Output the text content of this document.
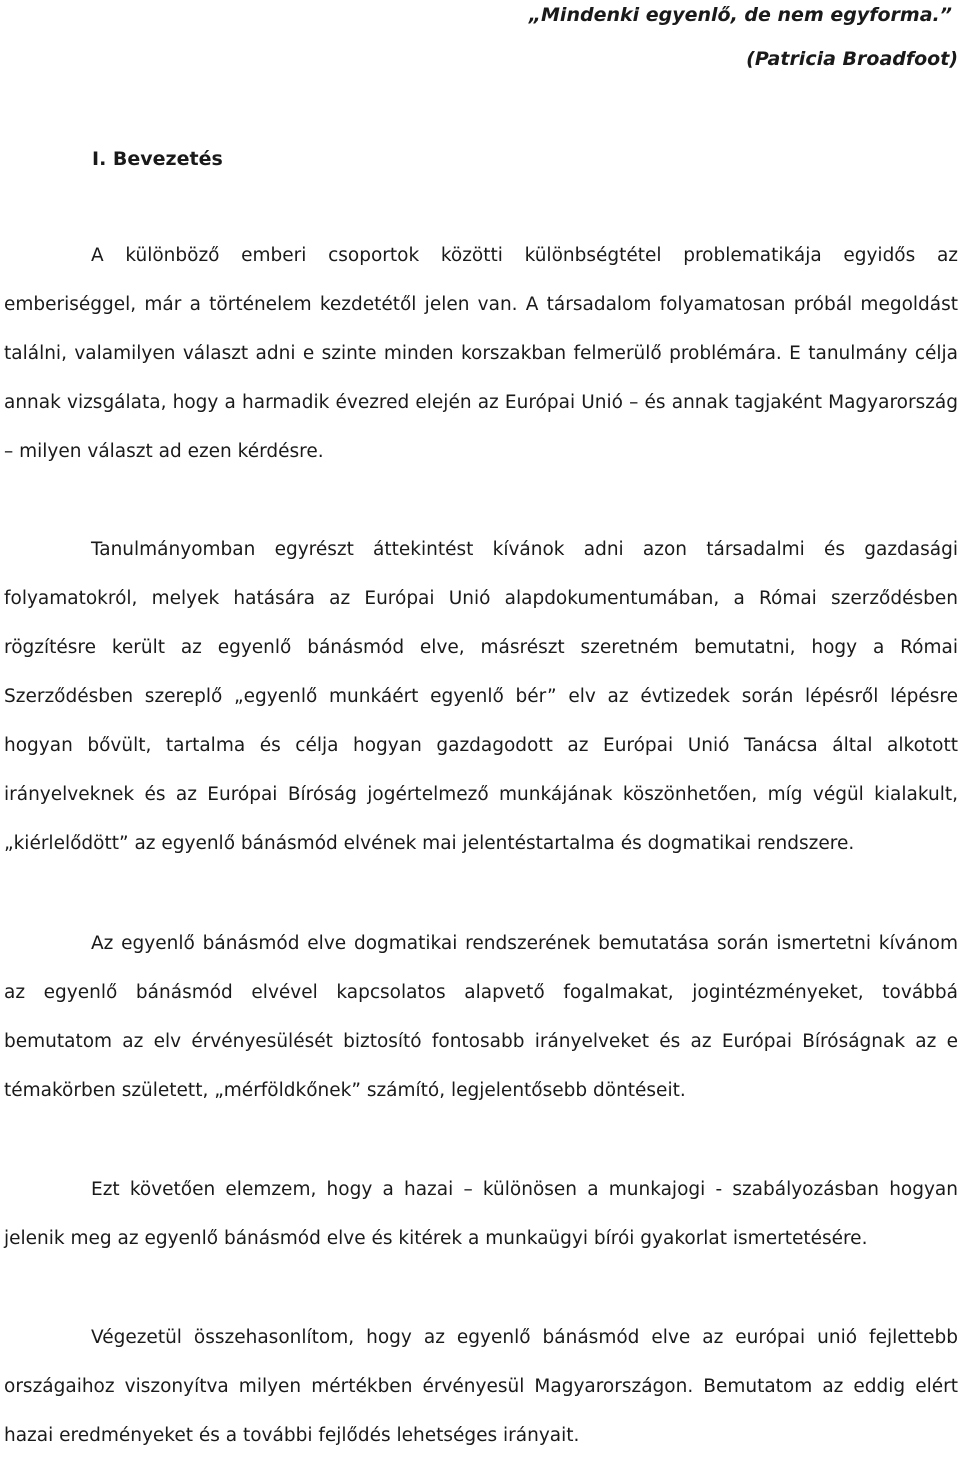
„Mindenki egyenlő, de nem egyforma.”
(Patricia Broadfoot)
I. Bevezetés

A különböző emberi csoportok közötti különbségtétel problematikája egyidős az emberiséggel, már a történelem kezdetétől jelen van. A társadalom folyamatosan próbál megoldást találni, valamilyen választ adni e szinte minden korszakban felmerülő problémára. E tanulmány célja annak vizsgálata, hogy a harmadik évezred elején az Európai Unió – és annak tagjaként Magyarország – milyen választ ad ezen kérdésre.

Tanulmányomban egyrészt áttekintést kívánok adni azon társadalmi és gazdasági folyamatokról, melyek hatására az Európai Unió alapdokumentumában, a Római szerződésben rögzítésre került az egyenlő bánásmód elve, másrészt szeretném bemutatni, hogy a Római Szerződésben szereplő „egyenlő munkáért egyenlő bér” elv az évtizedek során lépésről lépésre hogyan bővült, tartalma és célja hogyan gazdagodott az Európai Unió Tanácsa által alkotott irányelveknek és az Európai Bíróság jogértelmező munkájának köszönhetően, míg végül kialakult, „kiérlelődött” az egyenlő bánásmód elvének mai jelentéstartalma és dogmatikai rendszere.

Az egyenlő bánásmód elve dogmatikai rendszerének bemutatása során ismertetni kívánom az egyenlő bánásmód elvével kapcsolatos alapvető fogalmakat, jogintézményeket, továbbá bemutatom az elv érvényesülését biztosító fontosabb irányelveket és az Európai Bíróságnak az e témakörben született, „mérföldkőnek” számító, legjelentősebb döntéseit.

Ezt követően elemzem, hogy a hazai – különösen a munkajogi - szabályozásban hogyan jelenik meg az egyenlő bánásmód elve és kitérek a munkaügyi bírói gyakorlat ismertetésére.

Végezetül összehasonlítom, hogy az egyenlő bánásmód elve az európai unió fejlettebb országaihoz viszonyítva milyen mértékben érvényesül Magyarországon. Bemutatom az eddig elért hazai eredményeket és a további fejlődés lehetséges irányait.
